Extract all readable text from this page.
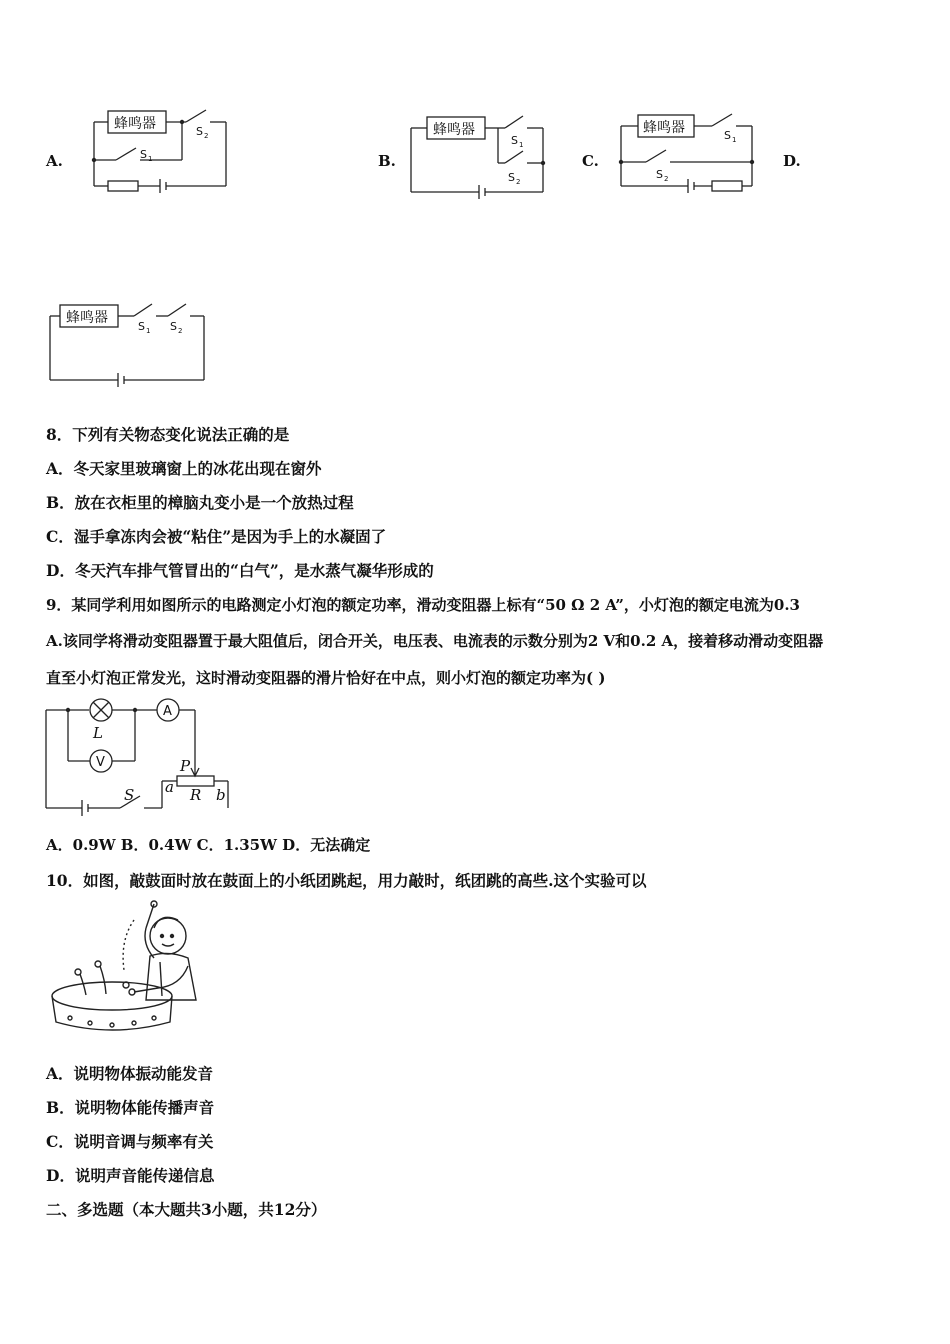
A.	B.	C.	D.
蜂鸣器	S 2
S 1
蜂鸣器
S 1
S 2
蜂鸣器	S 1
S 2
蜂鸣器
S 1 S 2
8．下列有关物态变化说法正确的是
A．冬天家里玻璃窗上的冰花出现在窗外
B．放在衣柜里的樟脑丸变小是一个放热过程
C．湿手拿冻肉会被“粘住”是因为手上的水凝固了
D．冬天汽车排气管冒出的“白气”，是水蒸气凝华形成的
9．某同学利用如图所示的电路测定小灯泡的额定功率，滑动变阻器上标有“50 Ω 2 A”，小灯泡的额定电流为0.3
A.该同学将滑动变阻器置于最大阻值后，闭合开关，电压表、电流表的示数分别为2 V和0.2 A，接着移动滑动变阻器
直至小灯泡正常发光，这时滑动变阻器的滑片恰好在中点，则小灯泡的额定功率为( )
L
A
V
S
P
a R b
A．0.9W B．0.4W C．1.35W D．无法确定
10．如图，敲鼓面时放在鼓面上的小纸团跳起，用力敲时，纸团跳的高些.这个实验可以
A．说明物体振动能发音
B．说明物体能传播声音
C．说明音调与频率有关
D．说明声音能传递信息
二、多选题（本大题共3小题，共12分）
